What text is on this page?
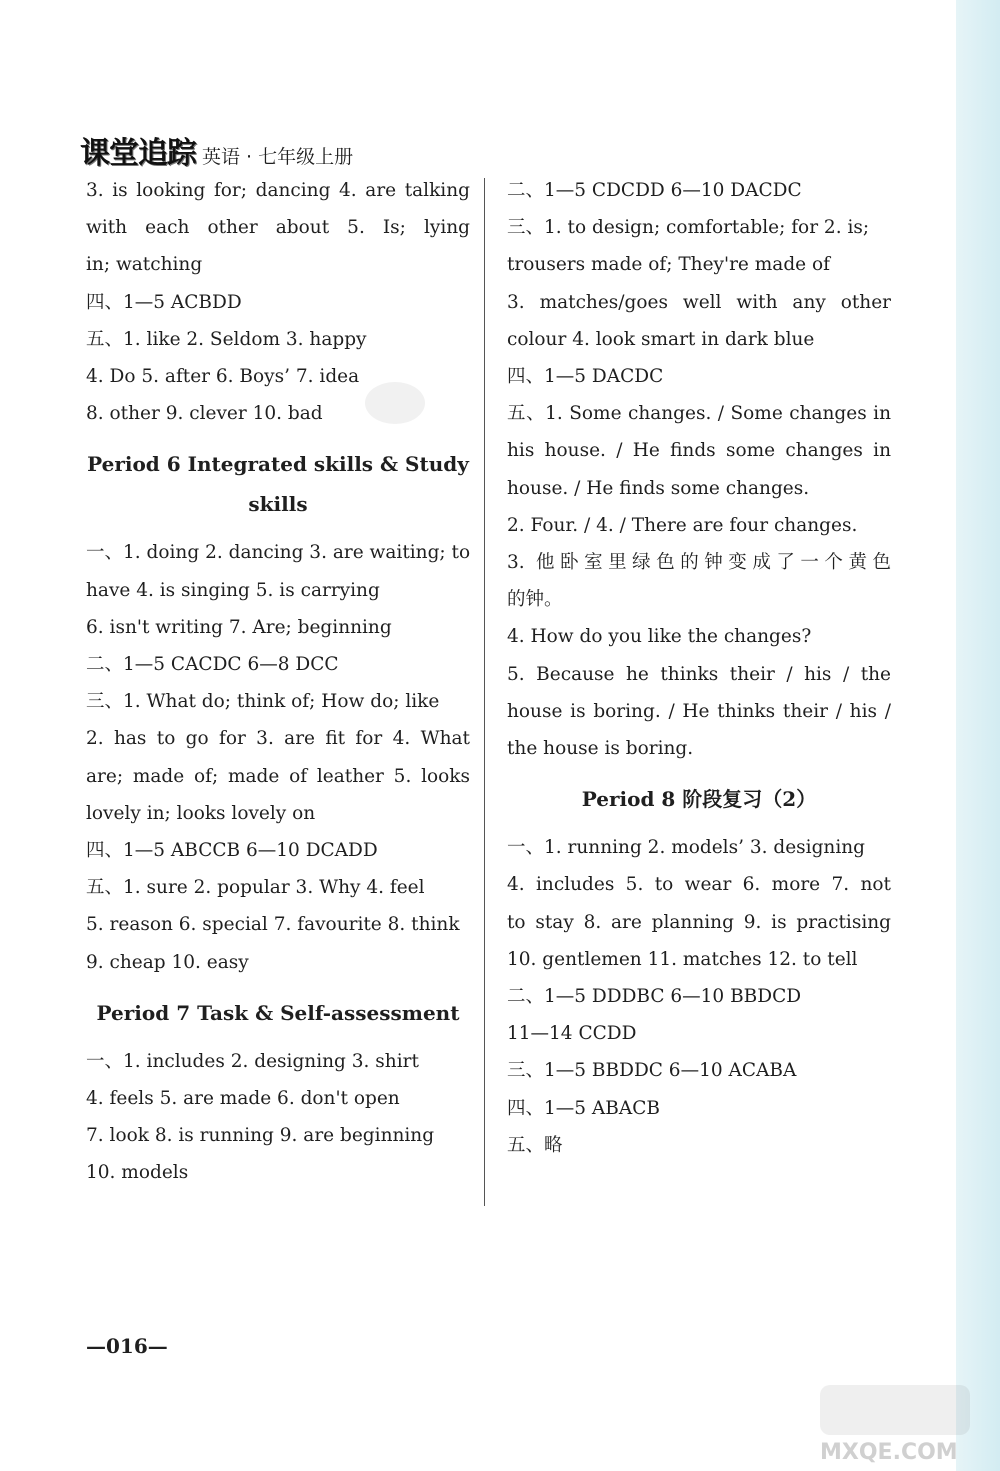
课堂追踪 英语 · 七年级上册
3. is looking for; dancing 4. are talking
with each other about 5. Is; lying
in; watching
四、1—5 ACBDD
五、1. like 2. Seldom 3. happy
4. Do 5. after 6. Boys’ 7. idea
8. other 9. clever 10. bad
Period 6 Integrated skills & Study
skills
一、1. doing 2. dancing 3. are waiting; to
have 4. is singing 5. is carrying
6. isn't writing 7. Are; beginning
二、1—5 CACDC 6—8 DCC
三、1. What do; think of; How do; like
2. has to go for 3. are fit for 4. What
are; made of; made of leather 5. looks
lovely in; looks lovely on
四、1—5 ABCCB 6—10 DCADD
五、1. sure 2. popular 3. Why 4. feel
5. reason 6. special 7. favourite 8. think
9. cheap 10. easy
Period 7 Task & Self-assessment
一、1. includes 2. designing 3. shirt
4. feels 5. are made 6. don't open
7. look 8. is running 9. are beginning
10. models
二、1—5 CDCDD 6—10 DACDC
三、1. to design; comfortable; for 2. is;
trousers made of; They're made of
3. matches/goes well with any other
colour 4. look smart in dark blue
四、1—5 DACDC
五、1. Some changes. / Some changes in
his house. / He finds some changes in
house. / He finds some changes.
2. Four. / 4. / There are four changes.
3. 他卧室里绿色的钟变成了一个黄色
的钟。
4. How do you like the changes?
5. Because he thinks their / his / the
house is boring. / He thinks their / his /
the house is boring.
Period 8 阶段复习（2）
一、1. running 2. models’ 3. designing
4. includes 5. to wear 6. more 7. not
to stay 8. are planning 9. is practising
10. gentlemen 11. matches 12. to tell
二、1—5 DDDBC 6—10 BBDCD
11—14 CCDD
三、1—5 BBDDC 6—10 ACABA
四、1—5 ABACB
五、略
—016—
MXQE.COM
